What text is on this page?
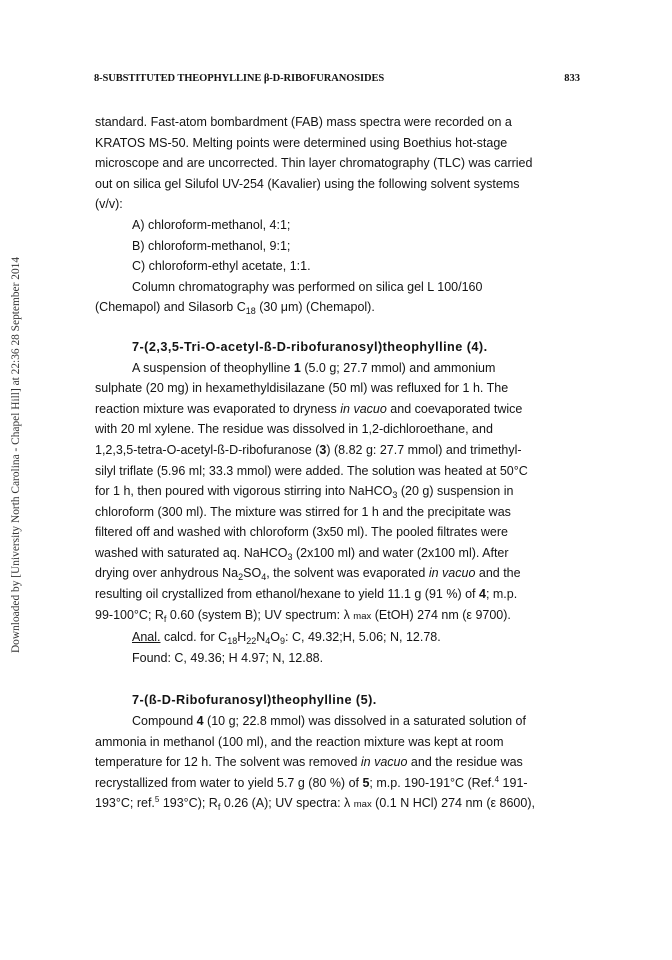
Downloaded by [University North Carolina - Chapel Hill] at 22:36 28 September 2014
8-SUBSTITUTED THEOPHYLLINE β-D-RIBOFURANOSIDES	833

standard. Fast-atom bombardment (FAB) mass spectra were recorded on a

KRATOS MS-50. Melting points were determined using Boethius hot-stage

microscope and are uncorrected. Thin layer chromatography (TLC) was carried

out on silica gel Silufol UV-254 (Kavalier) using the following solvent systems

(v/v):

A) chloroform-methanol, 4:1;

B) chloroform-methanol, 9:1;

C) chloroform-ethyl acetate, 1:1.

Column chromatography was performed on silica gel L 100/160

(Chemapol) and Silasorb $C_{18}$ (30 μm) (Chemapol).

7-(2,3,5-Tri-O-acetyl-ß-D-ribofuranosyl)theophylline (4).

A suspension of theophylline 1 (5.0 g; 27.7 mmol) and ammonium

sulphate (20 mg) in hexamethyldisilazane (50 ml) was refluxed for 1 h. The

reaction mixture was evaporated to dryness in vacuo and coevaporated twice

with 20 ml xylene. The residue was dissolved in 1,2-dichloroethane, and

1,2,3,5-tetra-O-acetyl-ß-D-ribofuranose (3) (8.82 g: 27.7 mmol) and trimethyl-

silyl triflate (5.96 ml; 33.3 mmol) were added. The solution was heated at 50°C

for 1 h, then poured with vigorous stirring into NaHCO$_3$ (20 g) suspension in

chloroform (300 ml). The mixture was stirred for 1 h and the precipitate was

filtered off and washed with chloroform (3x50 ml). The pooled filtrates were

washed with saturated aq. NaHCO$_3$ (2x100 ml) and water (2x100 ml). After

drying over anhydrous $Na_2SO_4$, the solvent was evaporated in vacuo and the

resulting oil crystallized from ethanol/hexane to yield 11.1 g (91 %) of 4; m.p.

99-100°C; $R_f$ 0.60 (system B); UV spectrum: λ max (EtOH) 274 nm (ε 9700).

Anal. calcd. for $C_{18}H_{22}N_4O_9$: C, 49.32;H, 5.06; N, 12.78.

Found: C, 49.36; H 4.97; N, 12.88.

7-(ß-D-Ribofuranosyl)theophylline (5).

Compound 4 (10 g; 22.8 mmol) was dissolved in a saturated solution of

ammonia in methanol (100 ml), and the reaction mixture was kept at room

temperature for 12 h. The solvent was removed in vacuo and the residue was

recrystallized from water to yield 5.7 g (80 %) of 5; m.p. 190-191°C (Ref.$^4$ 191-

193°C; ref.$^5$ 193°C); $R_f$ 0.26 (A); UV spectra: λ max (0.1 N HCl) 274 nm (ε 8600),
